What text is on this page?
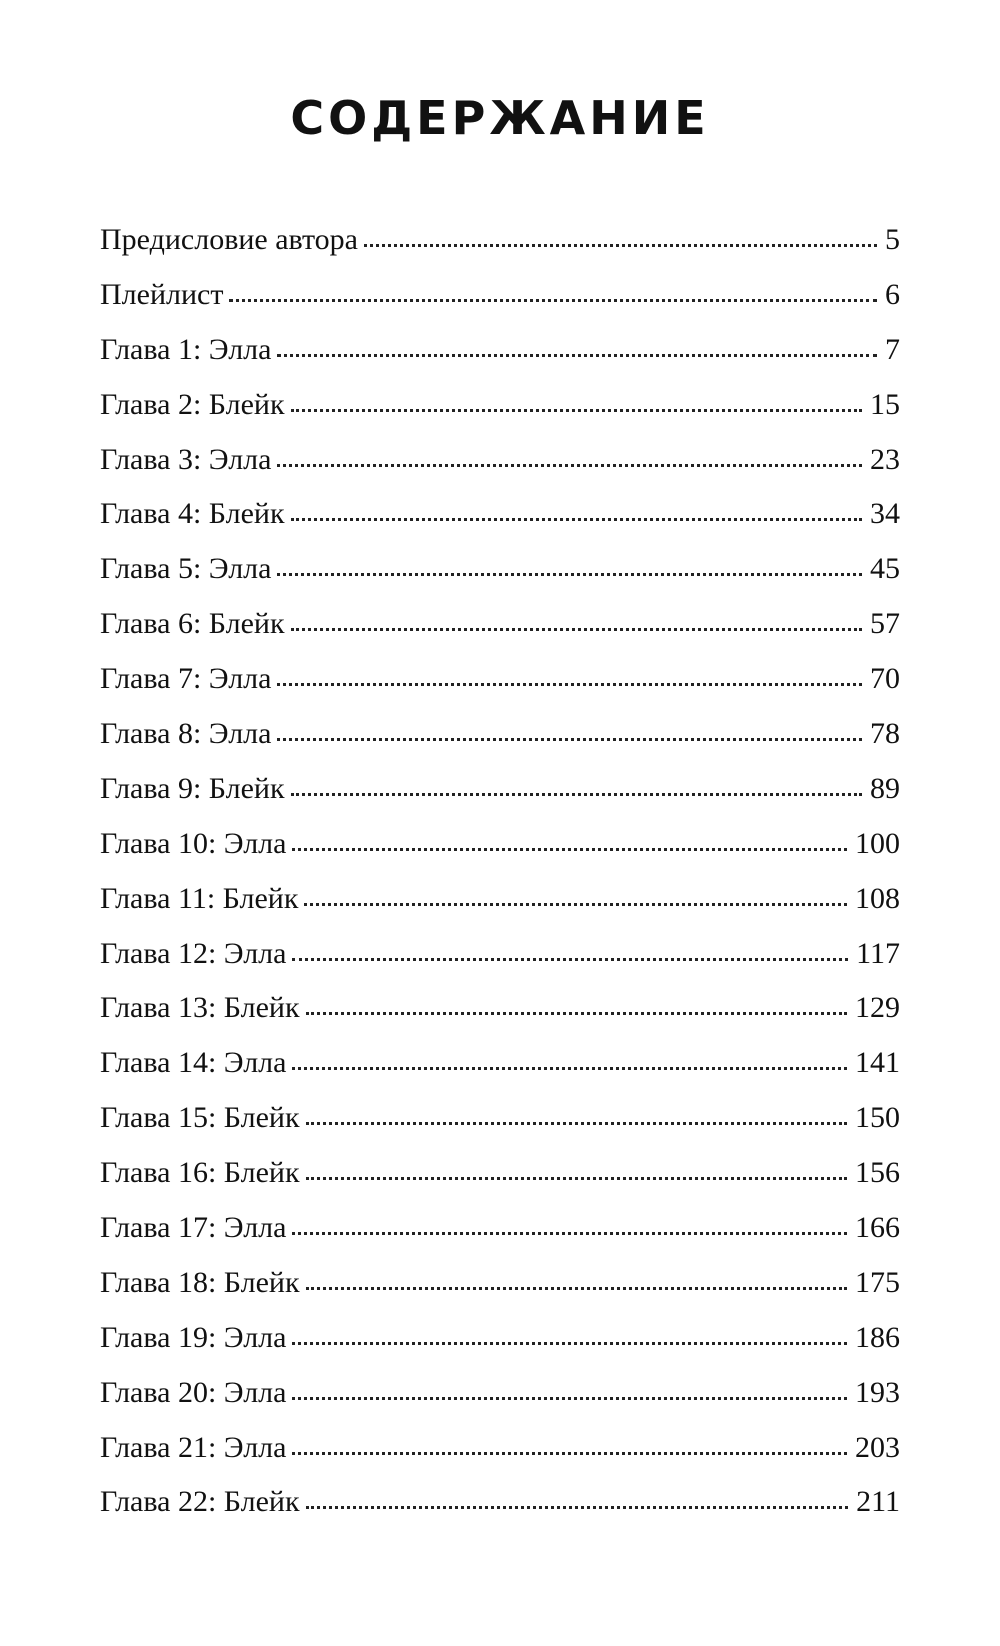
СОДЕРЖАНИЕ
Предисловие автора	5
Плейлист	6
Глава 1: Элла	7
Глава 2: Блейк	15
Глава 3: Элла	23
Глава 4: Блейк	34
Глава 5: Элла	45
Глава 6: Блейк	57
Глава 7: Элла	70
Глава 8: Элла	78
Глава 9: Блейк	89
Глава 10: Элла	100
Глава 11: Блейк	108
Глава 12: Элла	117
Глава 13: Блейк	129
Глава 14: Элла	141
Глава 15: Блейк	150
Глава 16: Блейк	156
Глава 17: Элла	166
Глава 18: Блейк	175
Глава 19: Элла	186
Глава 20: Элла	193
Глава 21: Элла	203
Глава 22: Блейк	211
